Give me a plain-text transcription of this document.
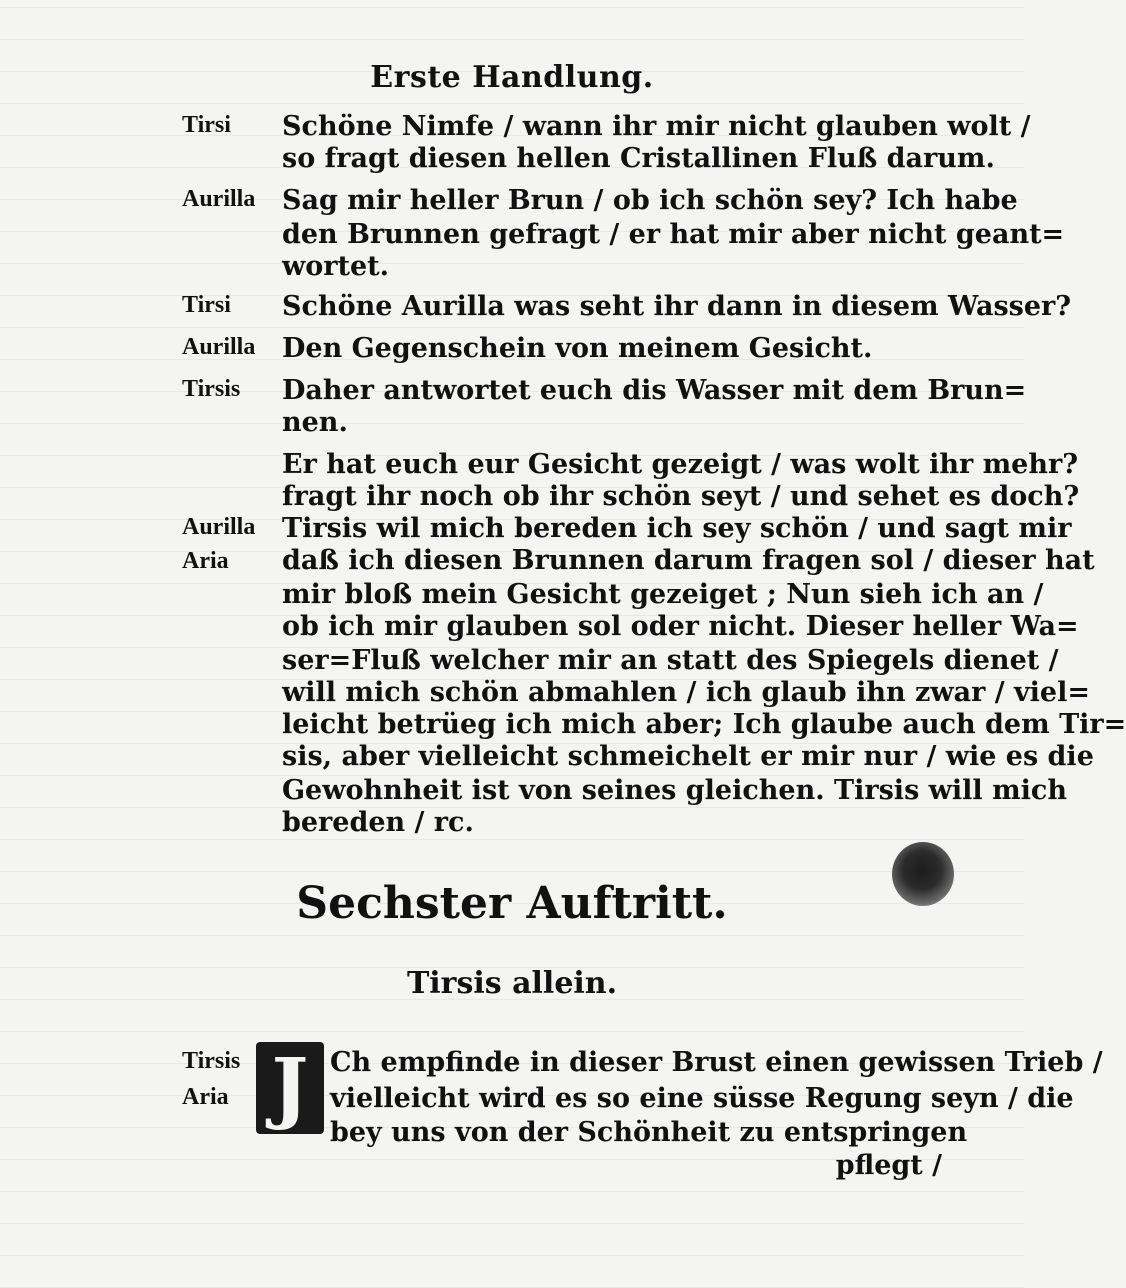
Erste Handlung.
Tirsi Schöne Nimfe / wann ihr mir nicht glauben wolt /
so fragt diesen hellen Cristallinen Fluß darum.
Aurilla Sag mir heller Brun / ob ich schön sey? Ich habe
den Brunnen gefragt / er hat mir aber nicht geant=
wortet.
Tirsi Schöne Aurilla was seht ihr dann in diesem Wasser?
Aurilla Den Gegenschein von meinem Gesicht.
Tirsis Daher antwortet euch dis Wasser mit dem Brun=
nen.
Er hat euch eur Gesicht gezeigt / was wolt ihr mehr?
fragt ihr noch ob ihr schön seyt / und sehet es doch?
Aurilla Tirsis wil mich bereden ich sey schön / und sagt mir
Aria daß ich diesen Brunnen darum fragen sol / dieser hat
mir bloß mein Gesicht gezeiget ; Nun sieh ich an /
ob ich mir glauben sol oder nicht. Dieser heller Wa=
ser=Fluß welcher mir an statt des Spiegels dienet /
will mich schön abmahlen / ich glaub ihn zwar / viel=
leicht betrüeg ich mich aber; Ich glaube auch dem Tir=
sis, aber vielleicht schmeichelt er mir nur / wie es die
Gewohnheit ist von seines gleichen. Tirsis will mich
bereden / rc.
Sechster Auftritt.
Tirsis allein.
Tirsis
Aria J Ch empfinde in dieser Brust einen gewissen Trieb /
vielleicht wird es so eine süsse Regung seyn / die
bey uns von der Schönheit zu entspringen
pflegt /
